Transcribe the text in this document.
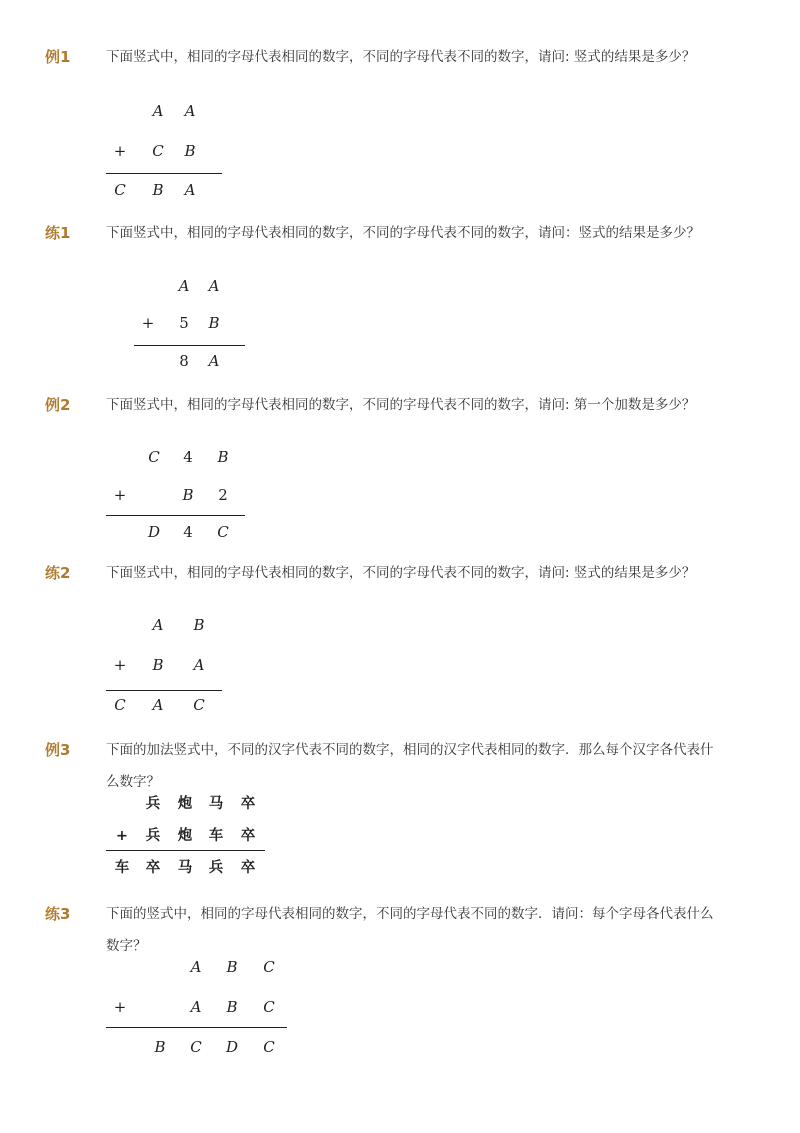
例1	下面竖式中，相同的字母代表相同的数字，不同的字母代表不同的数字，请问: 竖式的结果是多少？
A A
+ C B
C B A
练1	下面竖式中，相同的字母代表相同的数字，不同的字母代表不同的数字，请问：竖式的结果是多少？
A A
+ 5 B
8 A
例2	下面竖式中，相同的字母代表相同的数字，不同的字母代表不同的数字，请问: 第一个加数是多少？
C 4 B
+	B 2
D 4 C
练2	下面竖式中，相同的字母代表相同的数字，不同的字母代表不同的数字，请问: 竖式的结果是多少？
A B
+ B A
C A C
例3	下面的加法竖式中，不同的汉字代表不同的数字，相同的汉字代表相同的数字．那么每个汉字各代表什么数字？
兵 炮 马 卒
+ 兵 炮 车 卒
车 卒 马 兵 卒
练3	下面的竖式中，相同的字母代表相同的数字，不同的字母代表不同的数字．请问：每个字母各代表什么数字？
A B C
+	A B C
B C D C
